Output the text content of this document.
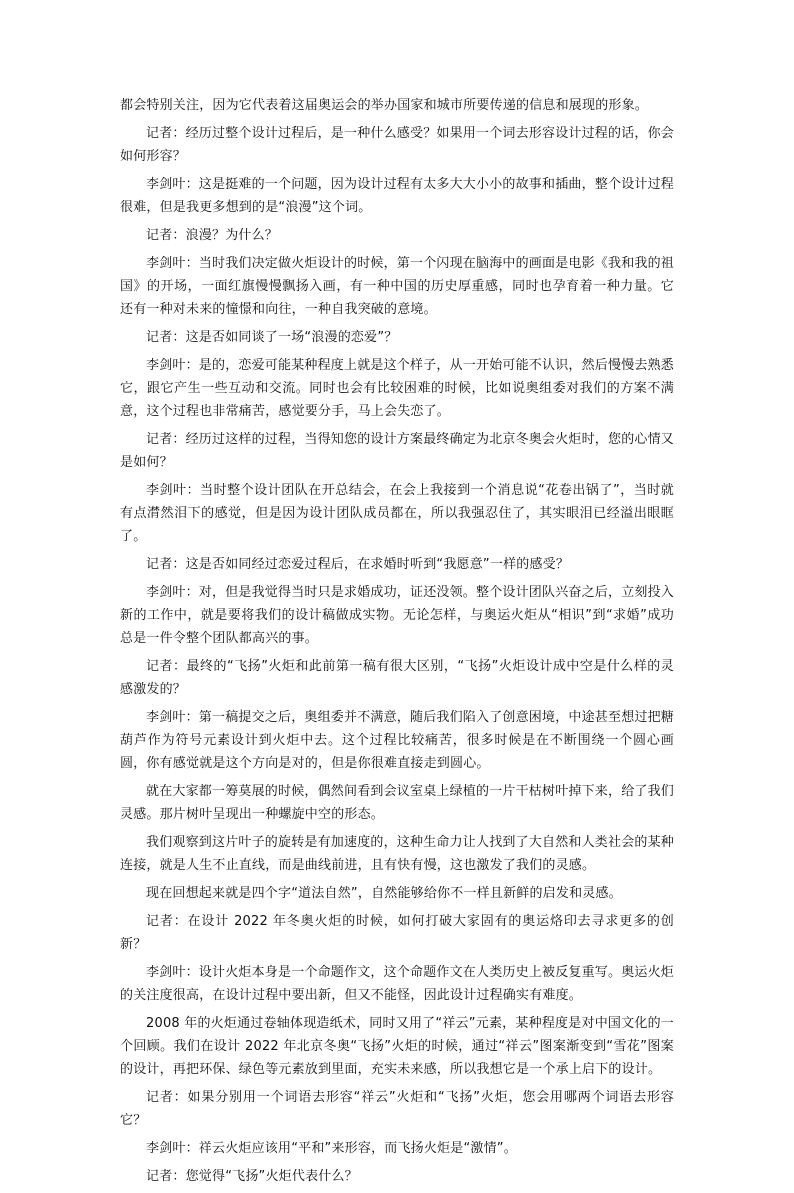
都会特别关注，因为它代表着这届奥运会的举办国家和城市所要传递的信息和展现的形象。

记者：经历过整个设计过程后，是一种什么感受？如果用一个词去形容设计过程的话，你会如何形容？

李剑叶：这是挺难的一个问题，因为设计过程有太多大大小小的故事和插曲，整个设计过程很难，但是我更多想到的是“浪漫”这个词。

记者：浪漫？为什么？

李剑叶：当时我们决定做火炬设计的时候，第一个闪现在脑海中的画面是电影《我和我的祖国》的开场，一面红旗慢慢飘扬入画，有一种中国的历史厚重感，同时也孕育着一种力量。它还有一种对未来的憧憬和向往，一种自我突破的意境。

记者：这是否如同谈了一场“浪漫的恋爱”？

李剑叶：是的，恋爱可能某种程度上就是这个样子，从一开始可能不认识，然后慢慢去熟悉它，跟它产生一些互动和交流。同时也会有比较困难的时候，比如说奥组委对我们的方案不满意，这个过程也非常痛苦，感觉要分手，马上会失恋了。

记者：经历过这样的过程，当得知您的设计方案最终确定为北京冬奥会火炬时，您的心情又是如何？

李剑叶：当时整个设计团队在开总结会，在会上我接到一个消息说“花卷出锅了”，当时就有点潸然泪下的感觉，但是因为设计团队成员都在，所以我强忍住了，其实眼泪已经溢出眼眶了。

记者：这是否如同经过恋爱过程后，在求婚时听到“我愿意”一样的感受？

李剑叶：对，但是我觉得当时只是求婚成功，证还没领。整个设计团队兴奋之后，立刻投入新的工作中，就是要将我们的设计稿做成实物。无论怎样，与奥运火炬从“相识”到“求婚”成功总是一件令整个团队都高兴的事。

记者：最终的“飞扬”火炬和此前第一稿有很大区别，“飞扬”火炬设计成中空是什么样的灵感激发的？

李剑叶：第一稿提交之后，奥组委并不满意，随后我们陷入了创意困境，中途甚至想过把糖葫芦作为符号元素设计到火炬中去。这个过程比较痛苦，很多时候是在不断围绕一个圆心画圆，你有感觉就是这个方向是对的，但是你很难直接走到圆心。

就在大家都一筹莫展的时候，偶然间看到会议室桌上绿植的一片干枯树叶掉下来，给了我们灵感。那片树叶呈现出一种螺旋中空的形态。

我们观察到这片叶子的旋转是有加速度的，这种生命力让人找到了大自然和人类社会的某种连接，就是人生不止直线，而是曲线前进，且有快有慢，这也激发了我们的灵感。

现在回想起来就是四个字“道法自然”，自然能够给你不一样且新鲜的启发和灵感。

记者：在设计 2022 年冬奥火炬的时候，如何打破大家固有的奥运烙印去寻求更多的创新？

李剑叶：设计火炬本身是一个命题作文，这个命题作文在人类历史上被反复重写。奥运火炬的关注度很高，在设计过程中要出新，但又不能怪，因此设计过程确实有难度。

2008 年的火炬通过卷轴体现造纸术，同时又用了“祥云”元素，某种程度是对中国文化的一个回顾。我们在设计 2022 年北京冬奥“飞扬”火炬的时候，通过“祥云”图案渐变到“雪花”图案的设计，再把环保、绿色等元素放到里面，充实未来感，所以我想它是一个承上启下的设计。

记者：如果分别用一个词语去形容“祥云”火炬和“飞扬”火炬，您会用哪两个词语去形容它？

李剑叶：祥云火炬应该用“平和”来形容，而飞扬火炬是“激情”。

记者：您觉得“飞扬”火炬代表什么？
